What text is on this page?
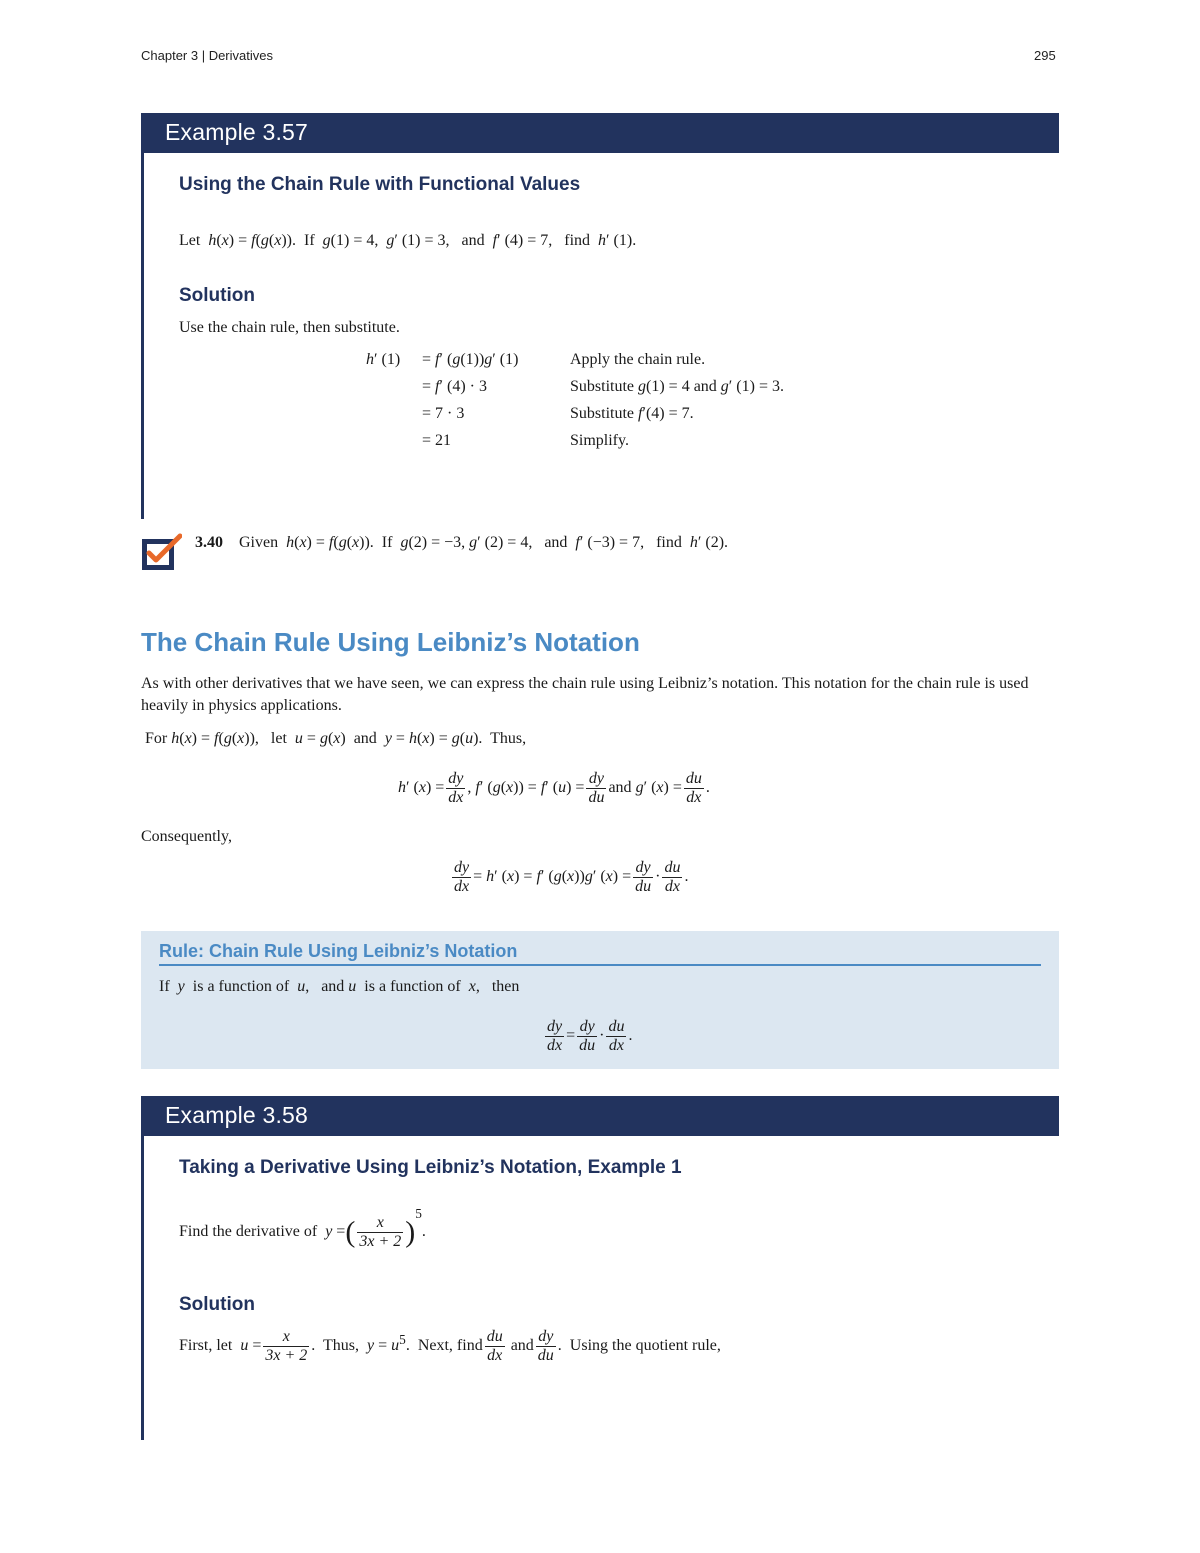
Chapter 3 | Derivatives	295
Example 3.57
Using the Chain Rule with Functional Values
Let  h(x) = f(g(x)).  If  g(1) = 4,  g′ (1) = 3,   and  f′ (4) = 7,   find  h′ (1).
Solution
Use the chain rule, then substitute.
h′ (1)	= f′ (g(1))g′ (1)	Apply the chain rule.
	= f′ (4) · 3	Substitute g(1) = 4 and g′ (1) = 3.
	= 7 · 3	Substitute f′(4) = 7.
	= 21	Simplify.
3.40    Given  h(x) = f(g(x)).  If  g(2) = −3, g′ (2) = 4,   and  f′ (−3) = 7,   find  h′ (2).
The Chain Rule Using Leibniz’s Notation
As with other derivatives that we have seen, we can express the chain rule using Leibniz’s notation. This notation for the chain rule is used heavily in physics applications.
For h(x) = f(g(x)),   let  u = g(x)  and  y = h(x) = g(u).  Thus,
h′ $(x) = \frac{dy}{dx}$ , f′ (g(x)) = f′ $(u) = \frac{dy}{du}$ and g′ $(x) = \frac{du}{dx}$ .
Consequently,
$\frac{dy}{dx} = h'$ (x) = f′ (g(x))g′ $(x) = \frac{dy}{du} \cdot \frac{du}{dx}$ .
Rule: Chain Rule Using Leibniz’s Notation
If  y  is a function of  u,   and u  is a function of  x,   then
$\frac{dy}{dx} = \frac{dy}{du} \cdot \frac{du}{dx}$ .
Example 3.58
Taking a Derivative Using Leibniz’s Notation, Example 1
Find the derivative of y =( $\frac{x}{3x + 2} )^5$.
Solution
First, let $u = \frac{x}{3x + 2}$ .  Thus, $y = u^5$.  Next, find $\frac{du}{dx}$ and $\frac{dy}{du}$ .  Using the quotient rule,
